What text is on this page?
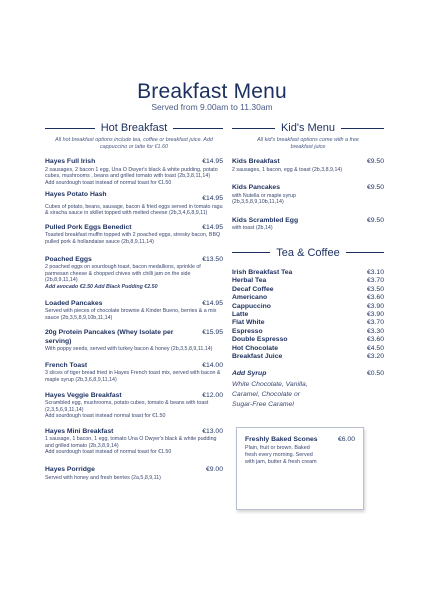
Breakfast Menu
Served from 9.00am to 11.30am
Hot Breakfast
All hot breakfast options include tea, coffee or breakfast juice. Add cappuccino or latte for €1.60
Hayes Full Irish	€14.95
2 sausages, 2 bacon 1 egg, Una O Dwyer's black & white pudding, potato cubes, mushrooms , beans and grilled tomato with toast (2b,3,8,11,14)
Add sourdough toast instead of normal toast for €1.50
Hayes Potato Hash
€14.95
Cubes of potato, beans, sausage, bacon & fried eggs served in tomato ragu & siracha sauce in skillet topped with melted cheese (2b,3,4,6,8,9,11)
Pulled Pork Eggs Benedict	€14.95
Toasted breakfast muffin topped with 2 poached eggs, stresky bacon, BBQ pulled pork & hollandaise sauce (2b,8,9,11,14)
Poached Eggs	€13.50
2 poached eggs on sourdough toast, bacon medallions, sprinkle of parmesan cheese & chopped chives with chilli jam on the side (2b,8,9,11,14)
Add avocado €2.50 Add Black Pudding €2.50
Loaded Pancakes	€14.95
Served with pieces of chocolate brownie & Kinder Bueno, berries & a mix sauce (2b,3,5,8,9,10b,11,14)
20g Protein Pancakes (Whey Isolate per serving)
€15.95
With poppy seeds, served with turkey bacon & honey (2b,3,5,8,9,11,14)
French Toast	€14.00
3 slices of tiger bread fried in Hayes French toast mix, served with bacon & maple syrup (2b,3,6,8,9,11,14)
Hayes Veggie Breakfast	€12.00
Scrambled egg, mushrooms, potato cubes, tomato & beans with toast (2,3,5,6,9,11,14)
Add sourdough toast instead normal toast for €1.50
Hayes Mini Breakfast	€13.00
1 sausage, 1 bacon, 1 egg, tomato Una O Dwyer's black & white pudding and grilled tomato (2b,3,8,9,14)
Add sourdough toast instead of normal toast for €1.50
Hayes Porridge	€9.00
Served with honey and fresh berries (2a,5,8,9,11)
Kid's Menu
All kid's breakfast options come with a free breakfast juice
Kids Breakfast	€9.50
2 sausages, 1 bacon, egg & toast (2b,3,8,9,14)
Kids Pancakes	€9.50
with Nutella or maple syrup (2b,3,5,8,9,10b,11,14)
Kids Scrambled Egg	€9.50
with toast (2b,14)
Tea & Coffee
Irish Breakfast Tea	€3.10
Herbal Tea	€3.70
Decaf Coffee	€3.50
Americano	€3.60
Cappuccino	€3.90
Latte	€3.90
Flat White	€3.70
Espresso	€3.30
Double Espresso	€3.60
Hot Chocolate	€4.50
Breakfast Juice	€3.20
Add Syrup	€0.50
White Chocolate, Vanilla, Caramel, Chocolate or Sugar-Free Caramel
Freshly Baked Scones	€6.00
Plain, fruit or brown. Baked fresh every morning. Served with jam, butter & fresh cream
